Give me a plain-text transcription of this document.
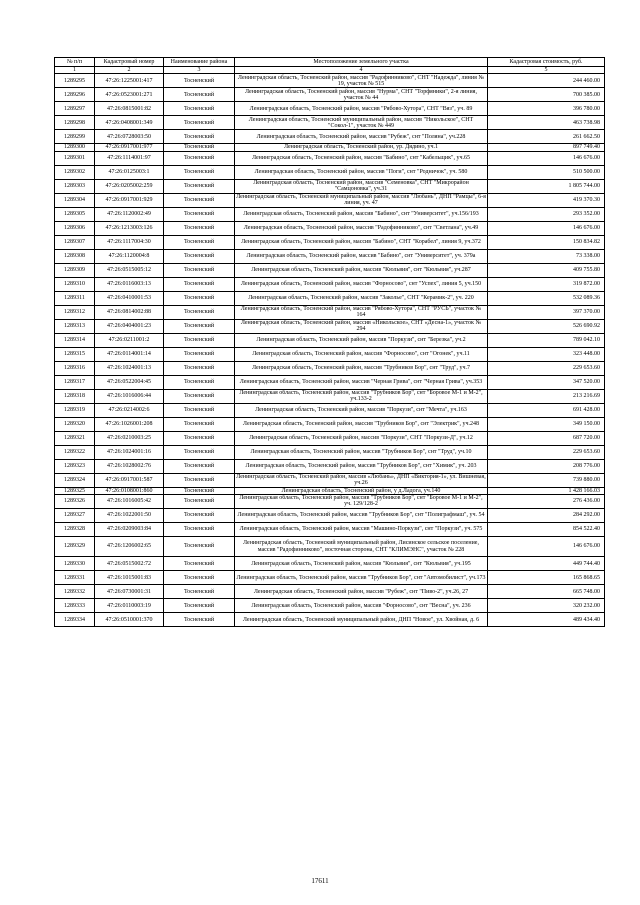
№ п/п	Кадастровый номер	Наименование района	Местоположение земельного участка	Кадастровая стоимость, руб.
1	2	3	4	5
1289295	47:26:1225001:417	Тосненский	Ленинградская область, Тосненский район, массив "Радофинниково", СНТ "Надежда", линия № 19, участок № 515	244 460.00
1289296	47:26:0523001:271	Тосненский	Ленинградская область, Тосненский район, массив "Нурма", СНТ "Торфяники", 2-я линия, участок № 44	700 385.00
1289297	47:26:0815001:82	Тосненский	Ленинградская область, Тосненский район, массив "Рябово-Хутора", СНТ "Вяз", уч. 89	396 780.00
1289298	47:26:0408001:349	Тосненский	Ленинградская область, Тосненский муниципальный район, массив "Никольское", СНТ "Сокол-1", участок № 449	463 738.98
1289299	47:26:0728003:50	Тосненский	Ленинградская область, Тосненский район, массив "Рубеж", снт "Полянa", уч.228	261 662.50
1289300	47:26:0917001:977	Тосненский	Ленинградская область, Тосненский район, ур. Дядино, уч.1	897 749.40
1289301	47:26:1114001:97	Тосненский	Ленинградская область, Тосненский район, массив "Бабино", снт "Кабельщик", уч.65	146 676.00
1289302	47:26:0125003:1	Тосненский	Ленинградская область, Тосненский район, массив "Поги", снт "Родничок", уч. 580	510 500.00
1289303	47:26:0205002:259	Тосненский	Ленинградская область, Тосненский район, массив "Семеновка", СНТ "Микрорайон "Самцоновка", уч.31	1 805 744.00
1289304	47:26:0917001:929	Тосненский	Ленинградская область, Тосненский муниципальный район, массив "Любань", ДНП "Рамцы", 6-я линия, уч. 47	419 370.30
1289305	47:26:1120002:49	Тосненский	Ленинградская область, Тосненский район, массив "Бабино", снт "Университет", уч.156/193	293 352.00
1289306	47:26:1213003:126	Тосненский	Ленинградская область, Тосненский район, массив "Радофинниково", снт "Светлана", уч.49	146 676.00
1289307	47:26:1117004:30	Тосненский	Ленинградская область, Тосненский район, массив "Бабино", СНТ "Корабел", линия 9, уч.372	150 834.82
1289308	47:26:1120004:8	Тосненский	Ленинградская область, Тосненский район, массив "Бабино", снт "Университет", уч. 379а	73 338.00
1289309	47:26:0515005:12	Тосненский	Ленинградская область, Тосненский район, массив "Кюльвия", снт "Кюльвия", уч.287	409 755.80
1289310	47:26:0116003:13	Тосненский	Ленинградская область, Тосненский район, массив "Форносово", снт "Успех", линия 5, уч.150	319 872.00
1289311	47:26:0410001:53	Тосненский	Ленинградская область, Тосненский район, массив "Заколье", СНТ "Керамик-2", уч. 220	532 089.36
1289312	47:26:0814002:88	Тосненский	Ленинградская область, Тосненский район, массив "Рябово-Хутора", СНТ "РУСЬ", участок № 164	397 370.00
1289313	47:26:0404001:23	Тосненский	Ленинградская область, Тосненский район, массив «Никольское», СНТ «Десна-1», участок № 294	526 690.92
1289314	47:26:0211001:2	Тосненский	Ленинградская область, Тосненский район, массив "Поркузи", снт "Березка", уч.2	789 042.10
1289315	47:26:0114001:14	Тосненский	Ленинградская область, Тосненский район, массив "Форносово", снт "Огонек", уч.11	323 448.00
1289316	47:26:1024001:13	Тосненский	Ленинградская область, Тосненский район, массив "Трубников Бор", снт "Труд", уч.7	229 653.60
1289317	47:26:0522004:45	Тосненский	Ленинградская область, Тосненский район, массив "Черная Грива", снт "Черная Грива", уч.353	347 520.00
1289318	47:26:1016006:44	Тосненский	Ленинградская область, Тосненский район, массив "Трубников Бор", снт "Боровое М-1 и М-2", уч.133-2	213 216.69
1289319	47:26:0214002:6	Тосненский	Ленинградская область, Тосненский район, массив "Поркузи", снт "Мечта", уч.163	691 428.00
1289320	47:26:1026001:208	Тосненский	Ленинградская область, Тосненский район, массив "Трубников Бор", снт "Электрик", уч.248	349 150.00
1289321	47:26:0210003:25	Тосненский	Ленинградская область, Тосненский район, массив "Поркузи", СНТ "Поркузи-Д", уч.12	687 720.00
1289322	47:26:1024001:16	Тосненский	Ленинградская область, Тосненский район, массив "Трубников Бор", снт "Труд", уч.10	229 653.60
1289323	47:26:1028002:76	Тосненский	Ленинградская область, Тосненский район, массив "Трубников Бор", снт "Химик", уч. 203	208 776.00
1289324	47:26:0917001:587	Тосненский	Ленинградская область, Тосненский район, массив «Любань», ДНП «Виктория-1», ул. Вишневая, уч.26	739 880.00
1289325	47:26:0108001:860	Тосненский	Ленинградская область, Тосненский район, у д.Ладога, уч.140	1 428 166.03
1289326	47:26:1016005:42	Тосненский	Ленинградская область, Тосненский район, массив "Трубников Бор", снт "Боровое М-1 и М-2", уч. 129/128-2	276 436.00
1289327	47:26:1022001:50	Тосненский	Ленинградская область, Тосненский район, массив "Трубников Бор", снт "Полиграфмаш", уч. 54	284 292.00
1289328	47:26:0209003:84	Тосненский	Ленинградская область, Тосненский район, массив "Машино-Поркузи", снт "Поркузи", уч. 575	854 522.40
1289329	47:26:1206002:65	Тосненский	Ленинградская область, Тосненский муниципальный район, Лисинское сельское поселение, массив "Радофинниково", восточная сторона, СНТ "КЛИМЭНС", участок № 228	146 676.00
1289330	47:26:0515002:72	Тосненский	Ленинградская область, Тосненский район, массив "Кюльвия", снт "Кюльвия", уч.195	449 744.40
1289331	47:26:1015001:83	Тосненский	Ленинградская область, Тосненский район, массив "Трубников Бор", снт "Автомобилист", уч.173	165 868.65
1289332	47:26:0730001:31	Тосненский	Ленинградская область, Тосненский район, массив "Рубеж", снт "Пиво-2", уч.26, 27	665 748.00
1289333	47:26:0110003:19	Тосненский	Ленинградская область, Тосненский район, массив "Форносово", снт "Весна", уч. 236	320 232.00
1289334	47:26:0510001:370	Тосненский	Ленинградская область, Тосненский муниципальный район, ДНП "Новое", ул. Хвойная, д. 6	489 434.40
17611
